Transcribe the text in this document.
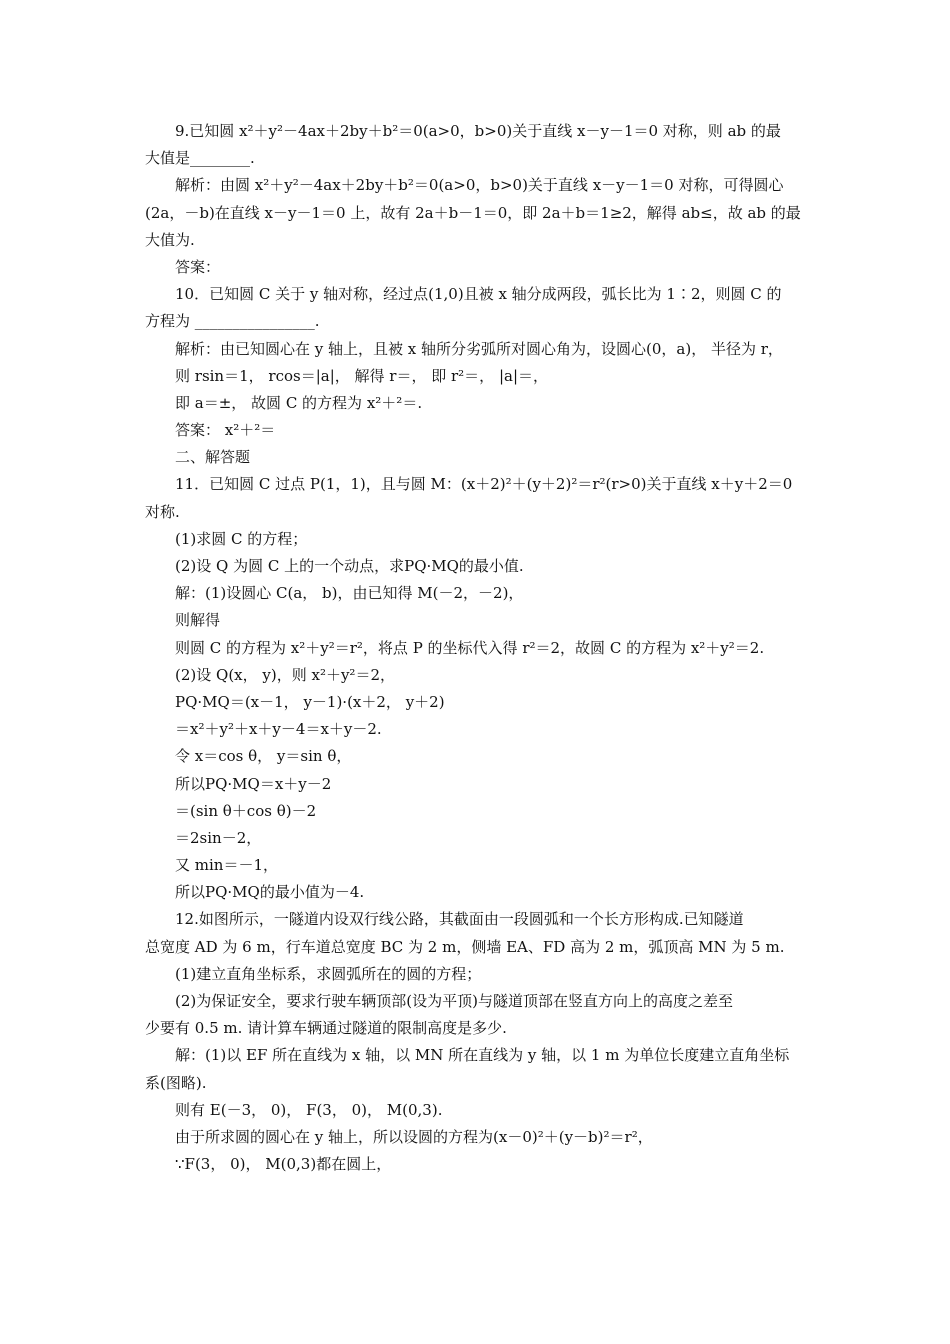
9.已知圆 x²＋y²－4ax＋2by＋b²＝0(a>0，b>0)关于直线 x－y－1＝0 对称，则 ab 的最
大值是________.
解析：由圆 x²＋y²－4ax＋2by＋b²＝0(a>0，b>0)关于直线 x－y－1＝0 对称，可得圆心
(2a，－b)在直线 x－y－1＝0 上，故有 2a＋b－1＝0，即 2a＋b＝1≥2，解得 ab≤，故 ab 的最
大值为.
答案：
10．已知圆 C 关于 y 轴对称，经过点(1,0)且被 x 轴分成两段，弧长比为 1∶2，则圆 C 的
方程为 ________________.
解析：由已知圆心在 y 轴上，且被 x 轴所分劣弧所对圆心角为，设圆心(0，a)， 半径为 r，
则 rsin＝1， rcos＝|a|， 解得 r＝， 即 r²＝， |a|＝，
即 a＝±， 故圆 C 的方程为 x²＋²＝.
答案： x²＋²＝
二、解答题
11．已知圆 C 过点 P(1，1)，且与圆 M：(x＋2)²＋(y＋2)²＝r²(r>0)关于直线 x＋y＋2＝0
对称.
(1)求圆 C 的方程；
(2)设 Q 为圆 C 上的一个动点，求PQ·MQ的最小值.
解：(1)设圆心 C(a， b)，由已知得 M(－2，－2)，
则解得
则圆 C 的方程为 x²＋y²＝r²，将点 P 的坐标代入得 r²＝2，故圆 C 的方程为 x²＋y²＝2.
(2)设 Q(x， y)，则 x²＋y²＝2，
PQ·MQ＝(x－1， y－1)·(x＋2， y＋2)
＝x²＋y²＋x＋y－4＝x＋y－2.
令 x＝cos θ， y＝sin θ，
所以PQ·MQ＝x＋y－2
＝(sin θ＋cos θ)－2
＝2sin－2，
又 min＝－1，
所以PQ·MQ的最小值为－4.
12.如图所示，一隧道内设双行线公路，其截面由一段圆弧和一个长方形构成.已知隧道
总宽度 AD 为 6 m，行车道总宽度 BC 为 2 m，侧墙 EA、FD 高为 2 m，弧顶高 MN 为 5 m.
(1)建立直角坐标系，求圆弧所在的圆的方程；
(2)为保证安全，要求行驶车辆顶部(设为平顶)与隧道顶部在竖直方向上的高度之差至
少要有 0.5 m. 请计算车辆通过隧道的限制高度是多少.
解：(1)以 EF 所在直线为 x 轴，以 MN 所在直线为 y 轴，以 1 m 为单位长度建立直角坐标
系(图略).
则有 E(－3， 0)， F(3， 0)， M(0,3).
由于所求圆的圆心在 y 轴上，所以设圆的方程为(x－0)²＋(y－b)²＝r²，
∵F(3， 0)， M(0,3)都在圆上，
